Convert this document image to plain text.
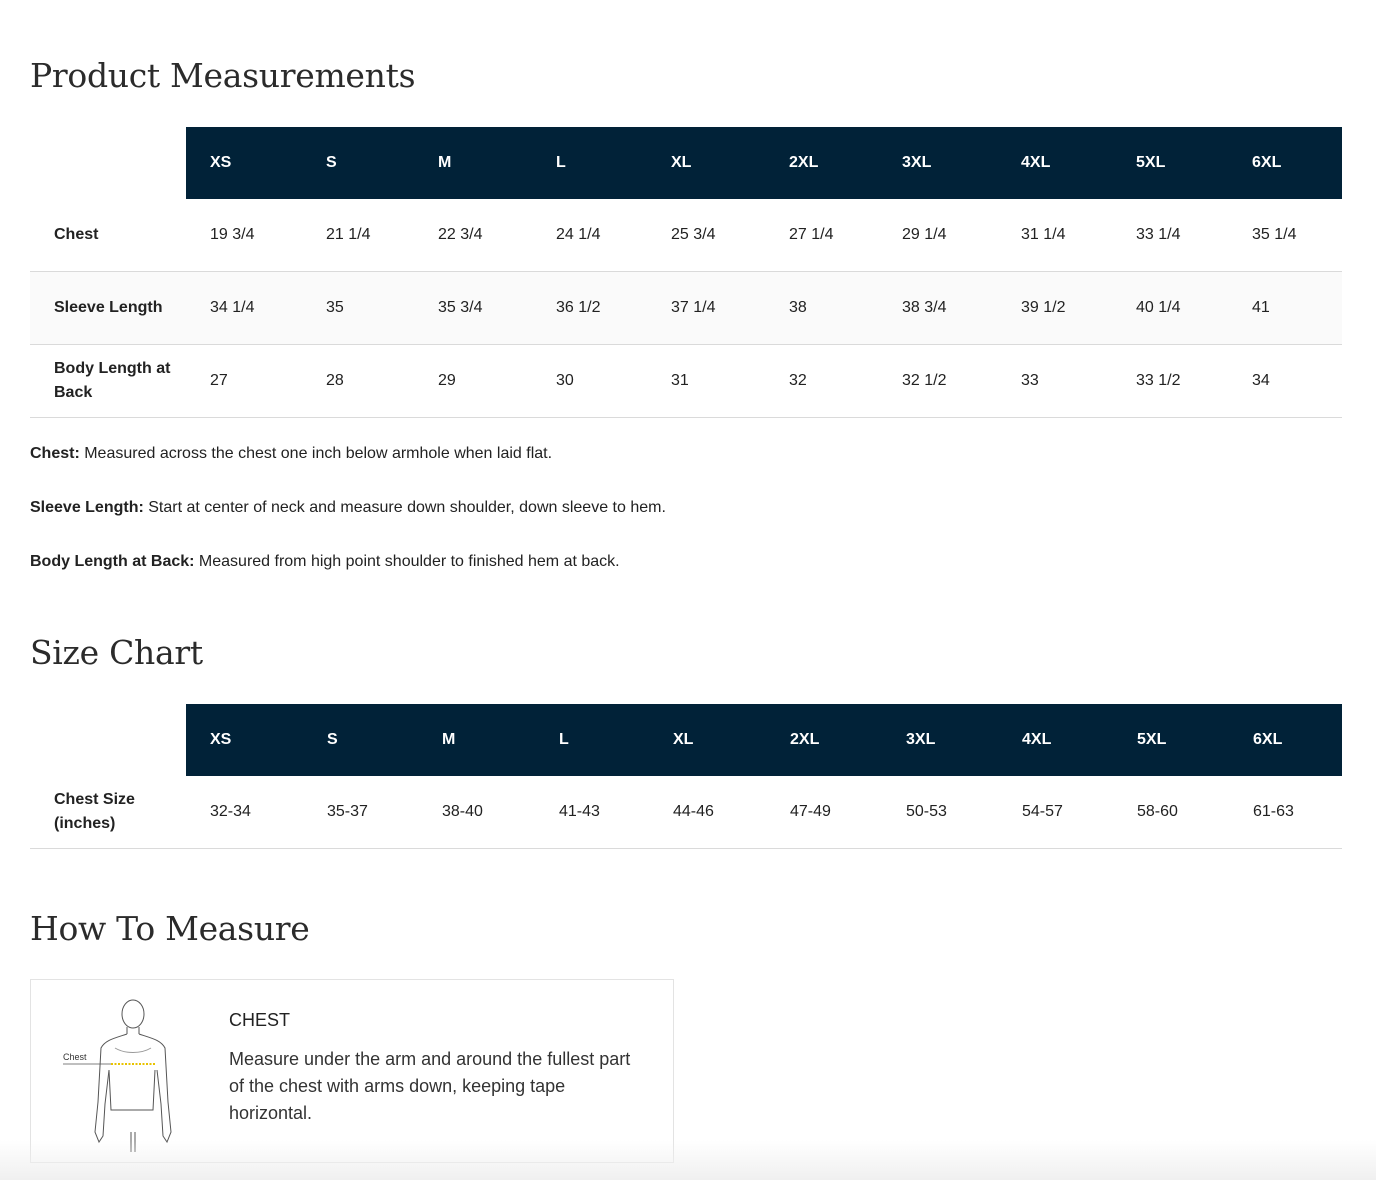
Product Measurements
	XS	S	M	L	XL	2XL	3XL	4XL	5XL	6XL
Chest	19 3/4	21 1/4	22 3/4	24 1/4	25 3/4	27 1/4	29 1/4	31 1/4	33 1/4	35 1/4
Sleeve Length	34 1/4	35	35 3/4	36 1/2	37 1/4	38	38 3/4	39 1/2	40 1/4	41
Body Length at Back	27	28	29	30	31	32	32 1/2	33	33 1/2	34

Chest: Measured across the chest one inch below armhole when laid flat.

Sleeve Length: Start at center of neck and measure down shoulder, down sleeve to hem.

Body Length at Back: Measured from high point shoulder to finished hem at back.

Size Chart
	XS	S	M	L	XL	2XL	3XL	4XL	5XL	6XL
Chest Size (inches)	32-34	35-37	38-40	41-43	44-46	47-49	50-53	54-57	58-60	61-63
How To Measure
Chest
CHEST
Measure under the arm and around the fullest part of the chest with arms down, keeping tape horizontal.
